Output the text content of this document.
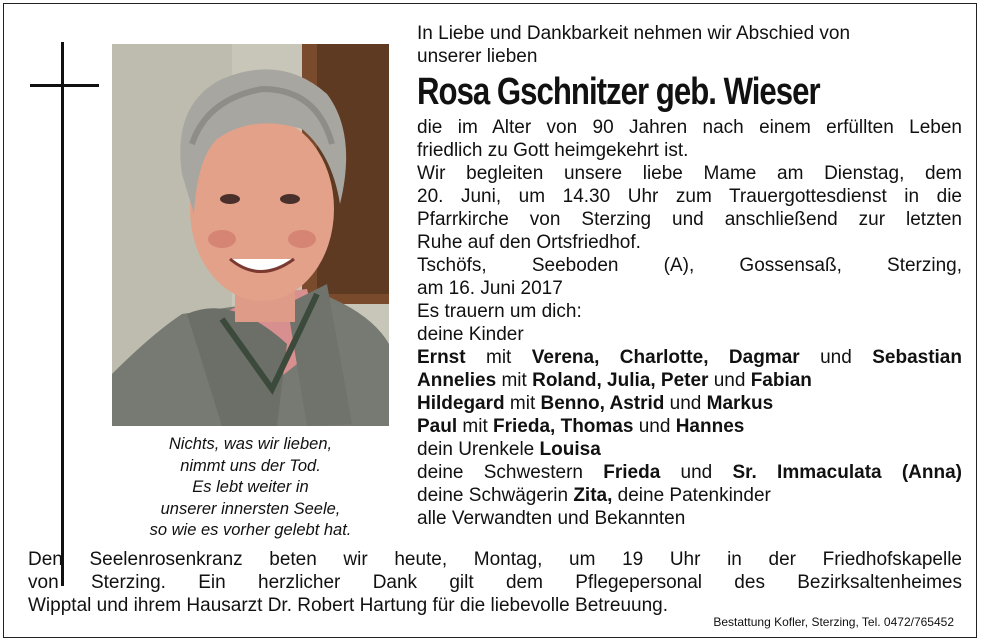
Nichts, was wir lieben,
nimmt uns der Tod.
Es lebt weiter in
unserer innersten Seele,
so wie es vorher gelebt hat.
In Liebe und Dankbarkeit nehmen wir Abschied von
unserer lieben
Rosa Gschnitzer geb. Wieser
die im Alter von 90 Jahren nach einem erfüllten Leben
friedlich zu Gott heimgekehrt ist.
Wir begleiten unsere liebe Mame am Dienstag, dem
20. Juni, um 14.30 Uhr zum Trauergottesdienst in die
Pfarrkirche von Sterzing und anschließend zur letzten
Ruhe auf den Ortsfriedhof.
Tschöfs, Seeboden (A), Gossensaß, Sterzing,
am 16. Juni 2017
Es trauern um dich:
deine Kinder
Ernst mit Verena, Charlotte, Dagmar und Sebastian
Annelies mit Roland, Julia, Peter und Fabian
Hildegard mit Benno, Astrid und Markus
Paul mit Frieda, Thomas und Hannes
dein Urenkele Louisa
deine Schwestern Frieda und Sr. Immaculata (Anna)
deine Schwägerin Zita, deine Patenkinder
alle Verwandten und Bekannten
Den Seelenrosenkranz beten wir heute, Montag, um 19 Uhr in der Friedhofskapelle
von Sterzing. Ein herzlicher Dank gilt dem Pflegepersonal des Bezirksaltenheimes
Wipptal und ihrem Hausarzt Dr. Robert Hartung für die liebevolle Betreuung.
Bestattung Kofler, Sterzing, Tel. 0472/765452
